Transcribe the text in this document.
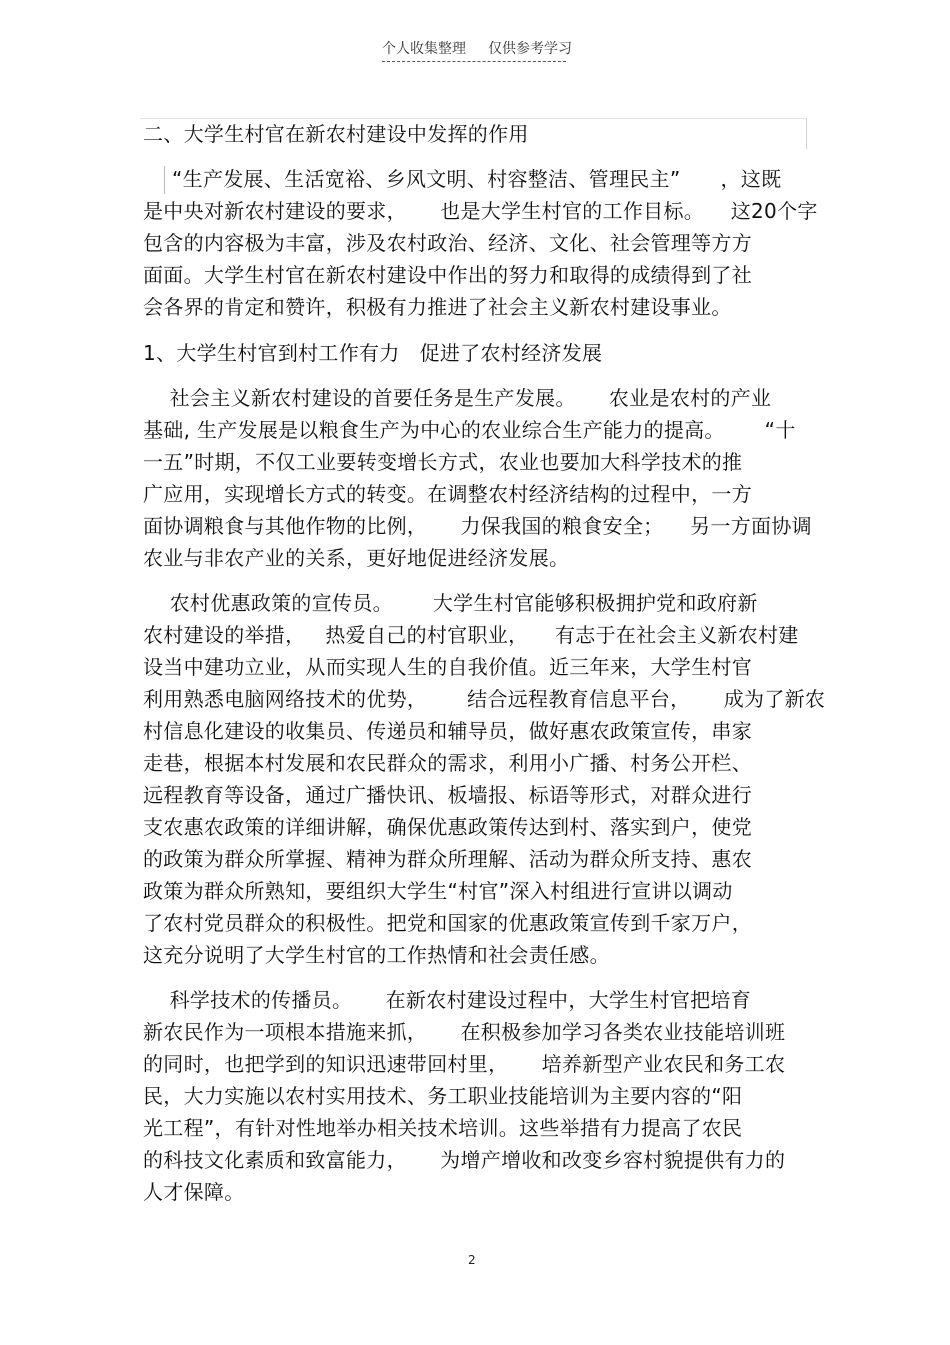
个人收集整理 仅供参考学习
二、大学生村官在新农村建设中发挥的作用
“生产发展、生活宽裕、乡风文明、村容整洁、管理民主”      ，这既
是中央对新农村建设的要求，     也是大学生村官的工作目标。    这20个字
包含的内容极为丰富，涉及农村政治、经济、文化、社会管理等方方
面面。大学生村官在新农村建设中作出的努力和取得的成绩得到了社
会各界的肯定和赞许，积极有力推进了社会主义新农村建设事业。
1、大学生村官到村工作有力   促进了农村经济发展
社会主义新农村建设的首要任务是生产发展。     农业是农村的产业
基础, 生产发展是以粮食生产为中心的农业综合生产能力的提高。      “十
一五”时期，不仅工业要转变增长方式，农业也要加大科学技术的推
广应用，实现增长方式的转变。在调整农村经济结构的过程中，一方
面协调粮食与其他作物的比例，     力保我国的粮食安全；    另一方面协调
农业与非农产业的关系，更好地促进经济发展。
农村优惠政策的宣传员。      大学生村官能够积极拥护党和政府新
农村建设的举措，   热爱自己的村官职业，    有志于在社会主义新农村建
设当中建功立业，从而实现人生的自我价值。近三年来，大学生村官
利用熟悉电脑网络技术的优势，      结合远程教育信息平台，     成为了新农
村信息化建设的收集员、传递员和辅导员，做好惠农政策宣传，串家
走巷，根据本村发展和农民群众的需求，利用小广播、村务公开栏、
远程教育等设备，通过广播快讯、板墙报、标语等形式，对群众进行
支农惠农政策的详细讲解，确保优惠政策传达到村、落实到户，使党
的政策为群众所掌握、精神为群众所理解、活动为群众所支持、惠农
政策为群众所熟知，要组织大学生“村官”深入村组进行宣讲以调动
了农村党员群众的积极性。把党和国家的优惠政策宣传到千家万户，
这充分说明了大学生村官的工作热情和社会责任感。
科学技术的传播员。     在新农村建设过程中，大学生村官把培育
新农民作为一项根本措施来抓，     在积极参加学习各类农业技能培训班
的同时，也把学到的知识迅速带回村里，     培养新型产业农民和务工农
民，大力实施以农村实用技术、务工职业技能培训为主要内容的“阳
光工程”，有针对性地举办相关技术培训。这些举措有力提高了农民
的科技文化素质和致富能力，     为增产增收和改变乡容村貌提供有力的
人才保障。
2
